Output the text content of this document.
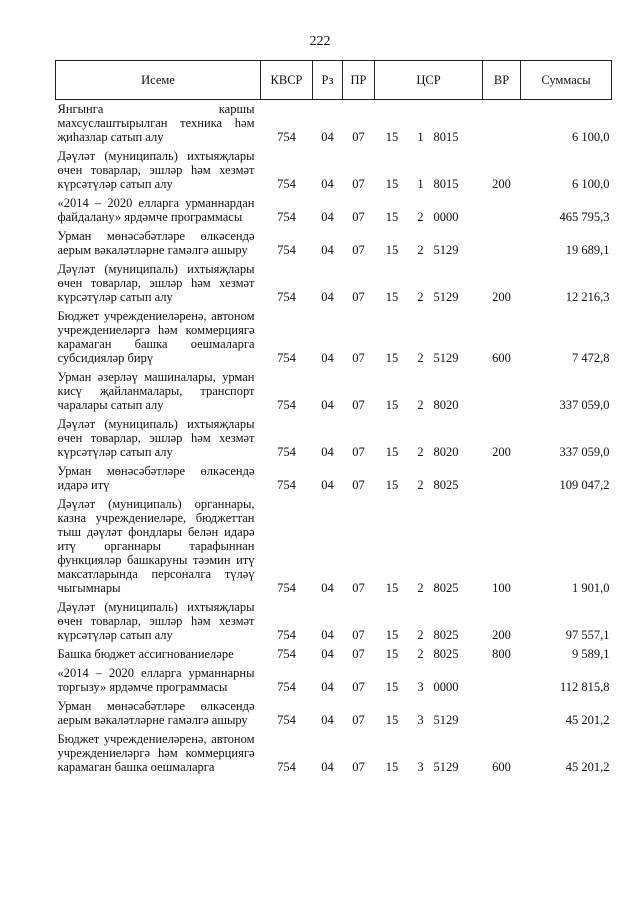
222
Исеме	КВСР	Рз	ПР	ЦСР			ВР	Суммасы
Янгынга каршы махсуслаштырылган техника һәм җиһазлар сатып алу	754	04	07	15	1	8015		6 100,0
Дәүләт (муниципаль) ихтыяҗлары өчен товарлар, эшләр һәм хезмәт күрсәтүләр сатып алу	754	04	07	15	1	8015	200	6 100,0
«2014 – 2020 елларга урманнардан файдалану» ярдәмче программасы	754	04	07	15	2	0000		465 795,3
Урман мөнәсәбәтләре өлкәсендә аерым вәкаләтләрне гамәлгә ашыру	754	04	07	15	2	5129		19 689,1
Дәүләт (муниципаль) ихтыяҗлары өчен товарлар, эшләр һәм хезмәт күрсәтүләр сатып алу	754	04	07	15	2	5129	200	12 216,3
Бюджет учреждениеләренә, автоном учреждениеләргә һәм коммерциягә карамаган башка оешмаларга субсидияләр бирү	754	04	07	15	2	5129	600	7 472,8
Урман әзерләү машиналары, урман кисү җайланмалары, транспорт чаралары сатып алу	754	04	07	15	2	8020		337 059,0
Дәүләт (муниципаль) ихтыяҗлары өчен товарлар, эшләр һәм хезмәт күрсәтүләр сатып алу	754	04	07	15	2	8020	200	337 059,0
Урман мөнәсәбәтләре өлкәсендә идарә итү	754	04	07	15	2	8025		109 047,2
Дәүләт (муниципаль) органнары, казна учреждениеләре, бюджеттан тыш дәүләт фондлары белән идарә итү органнары тарафыннан функцияләр башкаруны тәэмин итү максатларында персоналга түләү чыгымнары	754	04	07	15	2	8025	100	1 901,0
Дәүләт (муниципаль) ихтыяҗлары өчен товарлар, эшләр һәм хезмәт күрсәтүләр сатып алу	754	04	07	15	2	8025	200	97 557,1
Башка бюджет ассигнованиеләре	754	04	07	15	2	8025	800	9 589,1
«2014 – 2020 елларга урманнарны торгызу» ярдәмче программасы	754	04	07	15	3	0000		112 815,8
Урман мөнәсәбәтләре өлкәсендә аерым вәкаләтләрне гамәлгә ашыру	754	04	07	15	3	5129		45 201,2
Бюджет учреждениеләренә, автоном учреждениеләргә һәм коммерциягә карамаган башка оешмаларга	754	04	07	15	3	5129	600	45 201,2
